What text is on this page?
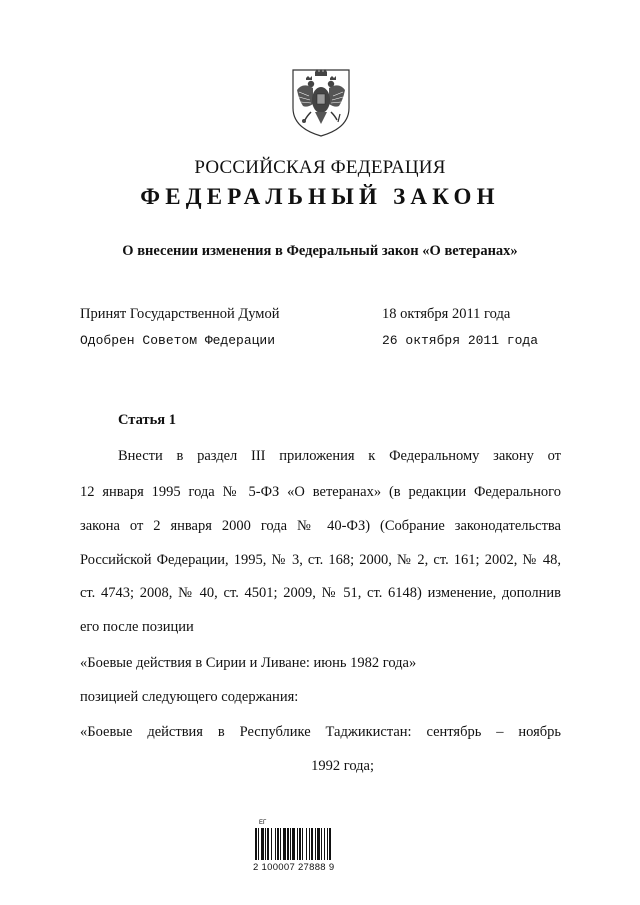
РОССИЙСКАЯ ФЕДЕРАЦИЯ
ФЕДЕРАЛЬНЫЙ ЗАКОН
О внесении изменения в Федеральный закон «О ветеранах»
Принят Государственной Думой	18 октября 2011 года
Одобрен Советом Федерации	26 октября 2011 года
Статья 1
Внести в раздел III приложения к Федеральному закону от
12 января 1995 года № 5-ФЗ «О ветеранах» (в редакции Федерального
закона от 2 января 2000 года № 40-ФЗ) (Собрание законодательства
Российской Федерации, 1995, № 3, ст. 168; 2000, № 2, ст. 161; 2002, № 48,
ст. 4743; 2008, № 40, ст. 4501; 2009, № 51, ст. 6148) изменение, дополнив
его после позиции
«Боевые действия в Сирии и Ливане: июнь 1982 года»
позицией следующего содержания:
«Боевые действия в Республике Таджикистан: сентябрь – ноябрь
1992 года;
ЕГ
2 100007 27888 9
